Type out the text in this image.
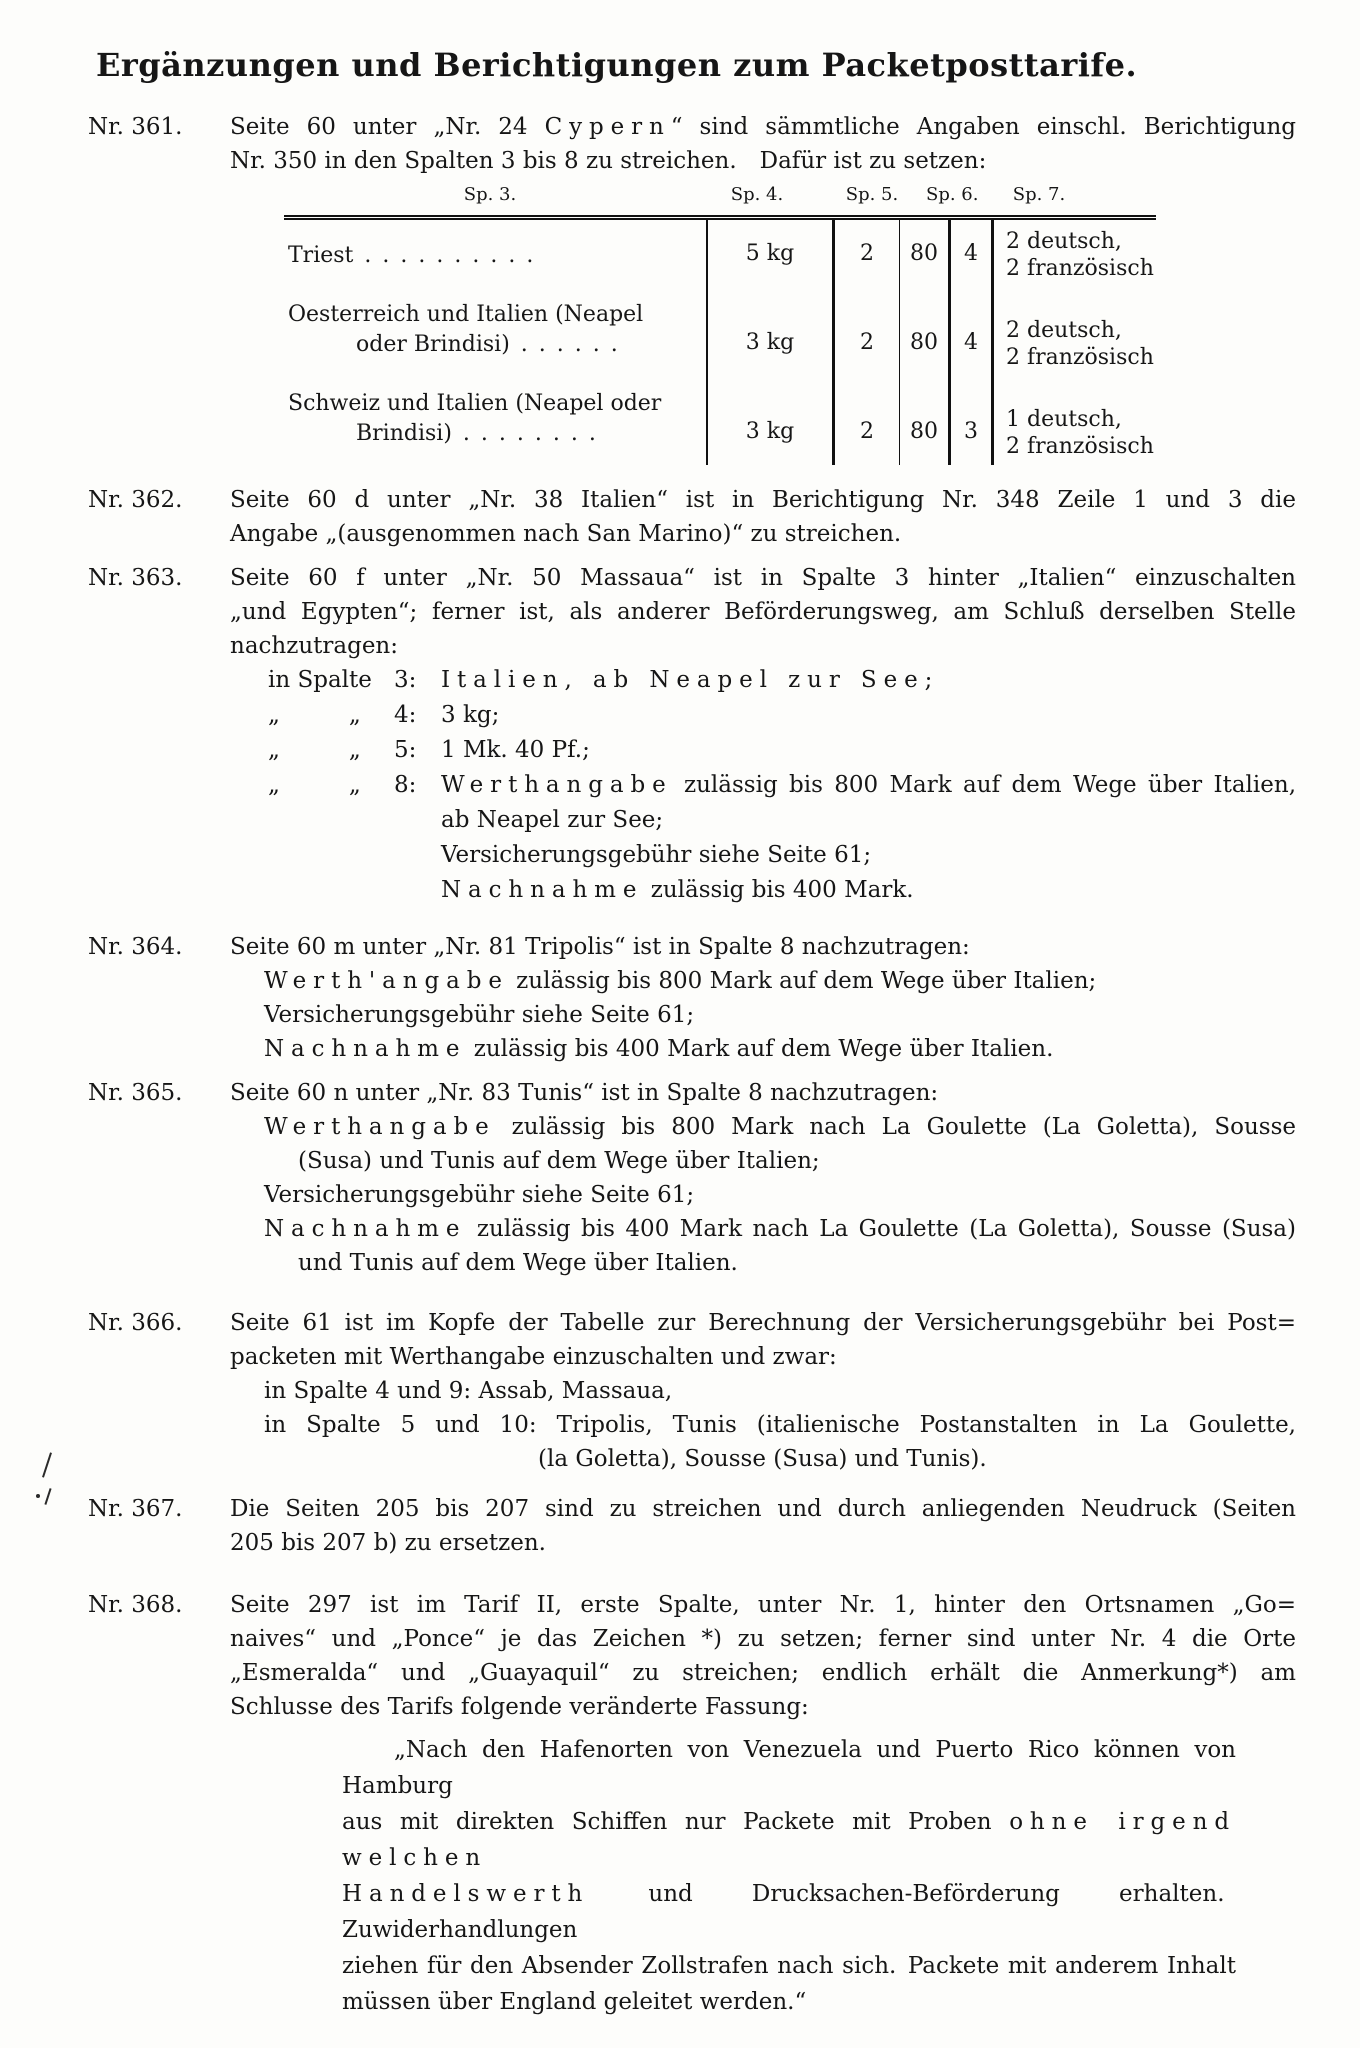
Ergänzungen und Berichtigungen zum Packetposttarife.
Nr. 361.	Seite 60 unter „Nr. 24 Cypern“ sind sämmtliche Angaben einschl. Berichtigung

Nr. 350 in den Spalten 3 bis 8 zu streichen. Dafür ist zu setzen:

Sp. 3.	Sp. 4.	Sp. 5.	Sp. 6.	Sp. 7.
Triest . . . . . . . . . .	5 kg	2	80	4	2 deutsch,
2 französisch

Oesterreich und Italien (Neapel
oder Brindisi) . . . . . .	3 kg	2	80	4	2 deutsch,
2 französisch

Schweiz und Italien (Neapel oder
Brindisi) . . . . . . . .	3 kg	2	80	3	1 deutsch,
2 französisch
Nr. 362.	Seite 60 d unter „Nr. 38 Italien“ ist in Berichtigung Nr. 348 Zeile 1 und 3 die

Angabe „(ausgenommen nach San Marino)“ zu streichen.

Nr. 363.	Seite 60 f unter „Nr. 50 Massaua“ ist in Spalte 3 hinter „Italien“ einzuschalten

„und Egypten“; ferner ist, als anderer Beförderungsweg, am Schluß derselben Stelle

nachzutragen:

in Spalte 3: Italien, ab Neapel zur See;

„   „ 4: 3 kg;

„   „ 5: 1 Mk. 40 Pf.;

„   „ 8: Werthangabe zulässig bis 800 Mark auf dem Wege über Italien,

ab Neapel zur See;

Versicherungsgebühr siehe Seite 61;

Nachnahme zulässig bis 400 Mark.

Nr. 364.	Seite 60 m unter „Nr. 81 Tripolis“ ist in Spalte 8 nachzutragen:

Werth'angabe zulässig bis 800 Mark auf dem Wege über Italien;

Versicherungsgebühr siehe Seite 61;

Nachnahme zulässig bis 400 Mark auf dem Wege über Italien.

Nr. 365.	Seite 60 n unter „Nr. 83 Tunis“ ist in Spalte 8 nachzutragen:

Werthangabe zulässig bis 800 Mark nach La Goulette (La Goletta), Sousse

(Susa) und Tunis auf dem Wege über Italien;

Versicherungsgebühr siehe Seite 61;

Nachnahme zulässig bis 400 Mark nach La Goulette (La Goletta), Sousse (Susa)

und Tunis auf dem Wege über Italien.

Nr. 366.	Seite 61 ist im Kopfe der Tabelle zur Berechnung der Versicherungsgebühr bei Post=

packeten mit Werthangabe einzuschalten und zwar:

in Spalte 4 und 9: Assab, Massaua,

in Spalte 5 und 10: Tripolis, Tunis (italienische Postanstalten in La Goulette,

(la Goletta), Sousse (Susa) und Tunis).

Nr. 367.	Die Seiten 205 bis 207 sind zu streichen und durch anliegenden Neudruck (Seiten

205 bis 207 b) zu ersetzen.

Nr. 368.	Seite 297 ist im Tarif II, erste Spalte, unter Nr. 1, hinter den Ortsnamen „Go=

naives“ und „Ponce“ je das Zeichen *) zu setzen; ferner sind unter Nr. 4 die Orte

„Esmeralda“ und „Guayaquil“ zu streichen; endlich erhält die Anmerkung*) am

Schlusse des Tarifs folgende veränderte Fassung:

„Nach den Hafenorten von Venezuela und Puerto Rico können von Hamburg

aus mit direkten Schiffen nur Packete mit Proben ohne irgend welchen

Handelswerth und Drucksachen-Beförderung erhalten. Zuwiderhandlungen

ziehen für den Absender Zollstrafen nach sich. Packete mit anderem Inhalt

müssen über England geleitet werden.“
